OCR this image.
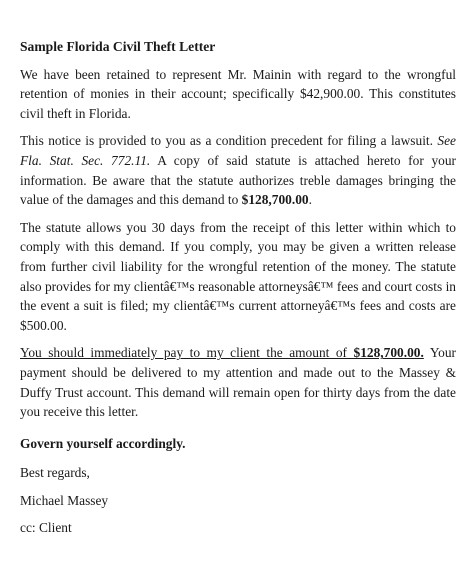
Sample Florida Civil Theft Letter

We have been retained to represent Mr. Mainin with regard to the wrongful retention of monies in their account; specifically $42,900.00. This constitutes civil theft in Florida.

This notice is provided to you as a condition precedent for filing a lawsuit. See Fla. Stat. Sec. 772.11. A copy of said statute is attached hereto for your information. Be aware that the statute authorizes treble damages bringing the value of the damages and this demand to $128,700.00.

The statute allows you 30 days from the receipt of this letter within which to comply with this demand. If you comply, you may be given a written release from further civil liability for the wrongful retention of the money. The statute also provides for my clientâ€™s reasonable attorneysâ€™ fees and court costs in the event a suit is filed; my clientâ€™s current attorneyâ€™s fees and costs are $500.00.

You should immediately pay to my client the amount of $128,700.00. Your payment should be delivered to my attention and made out to the Massey & Duffy Trust account. This demand will remain open for thirty days from the date you receive this letter.

Govern yourself accordingly.

Best regards,

Michael Massey

cc: Client
